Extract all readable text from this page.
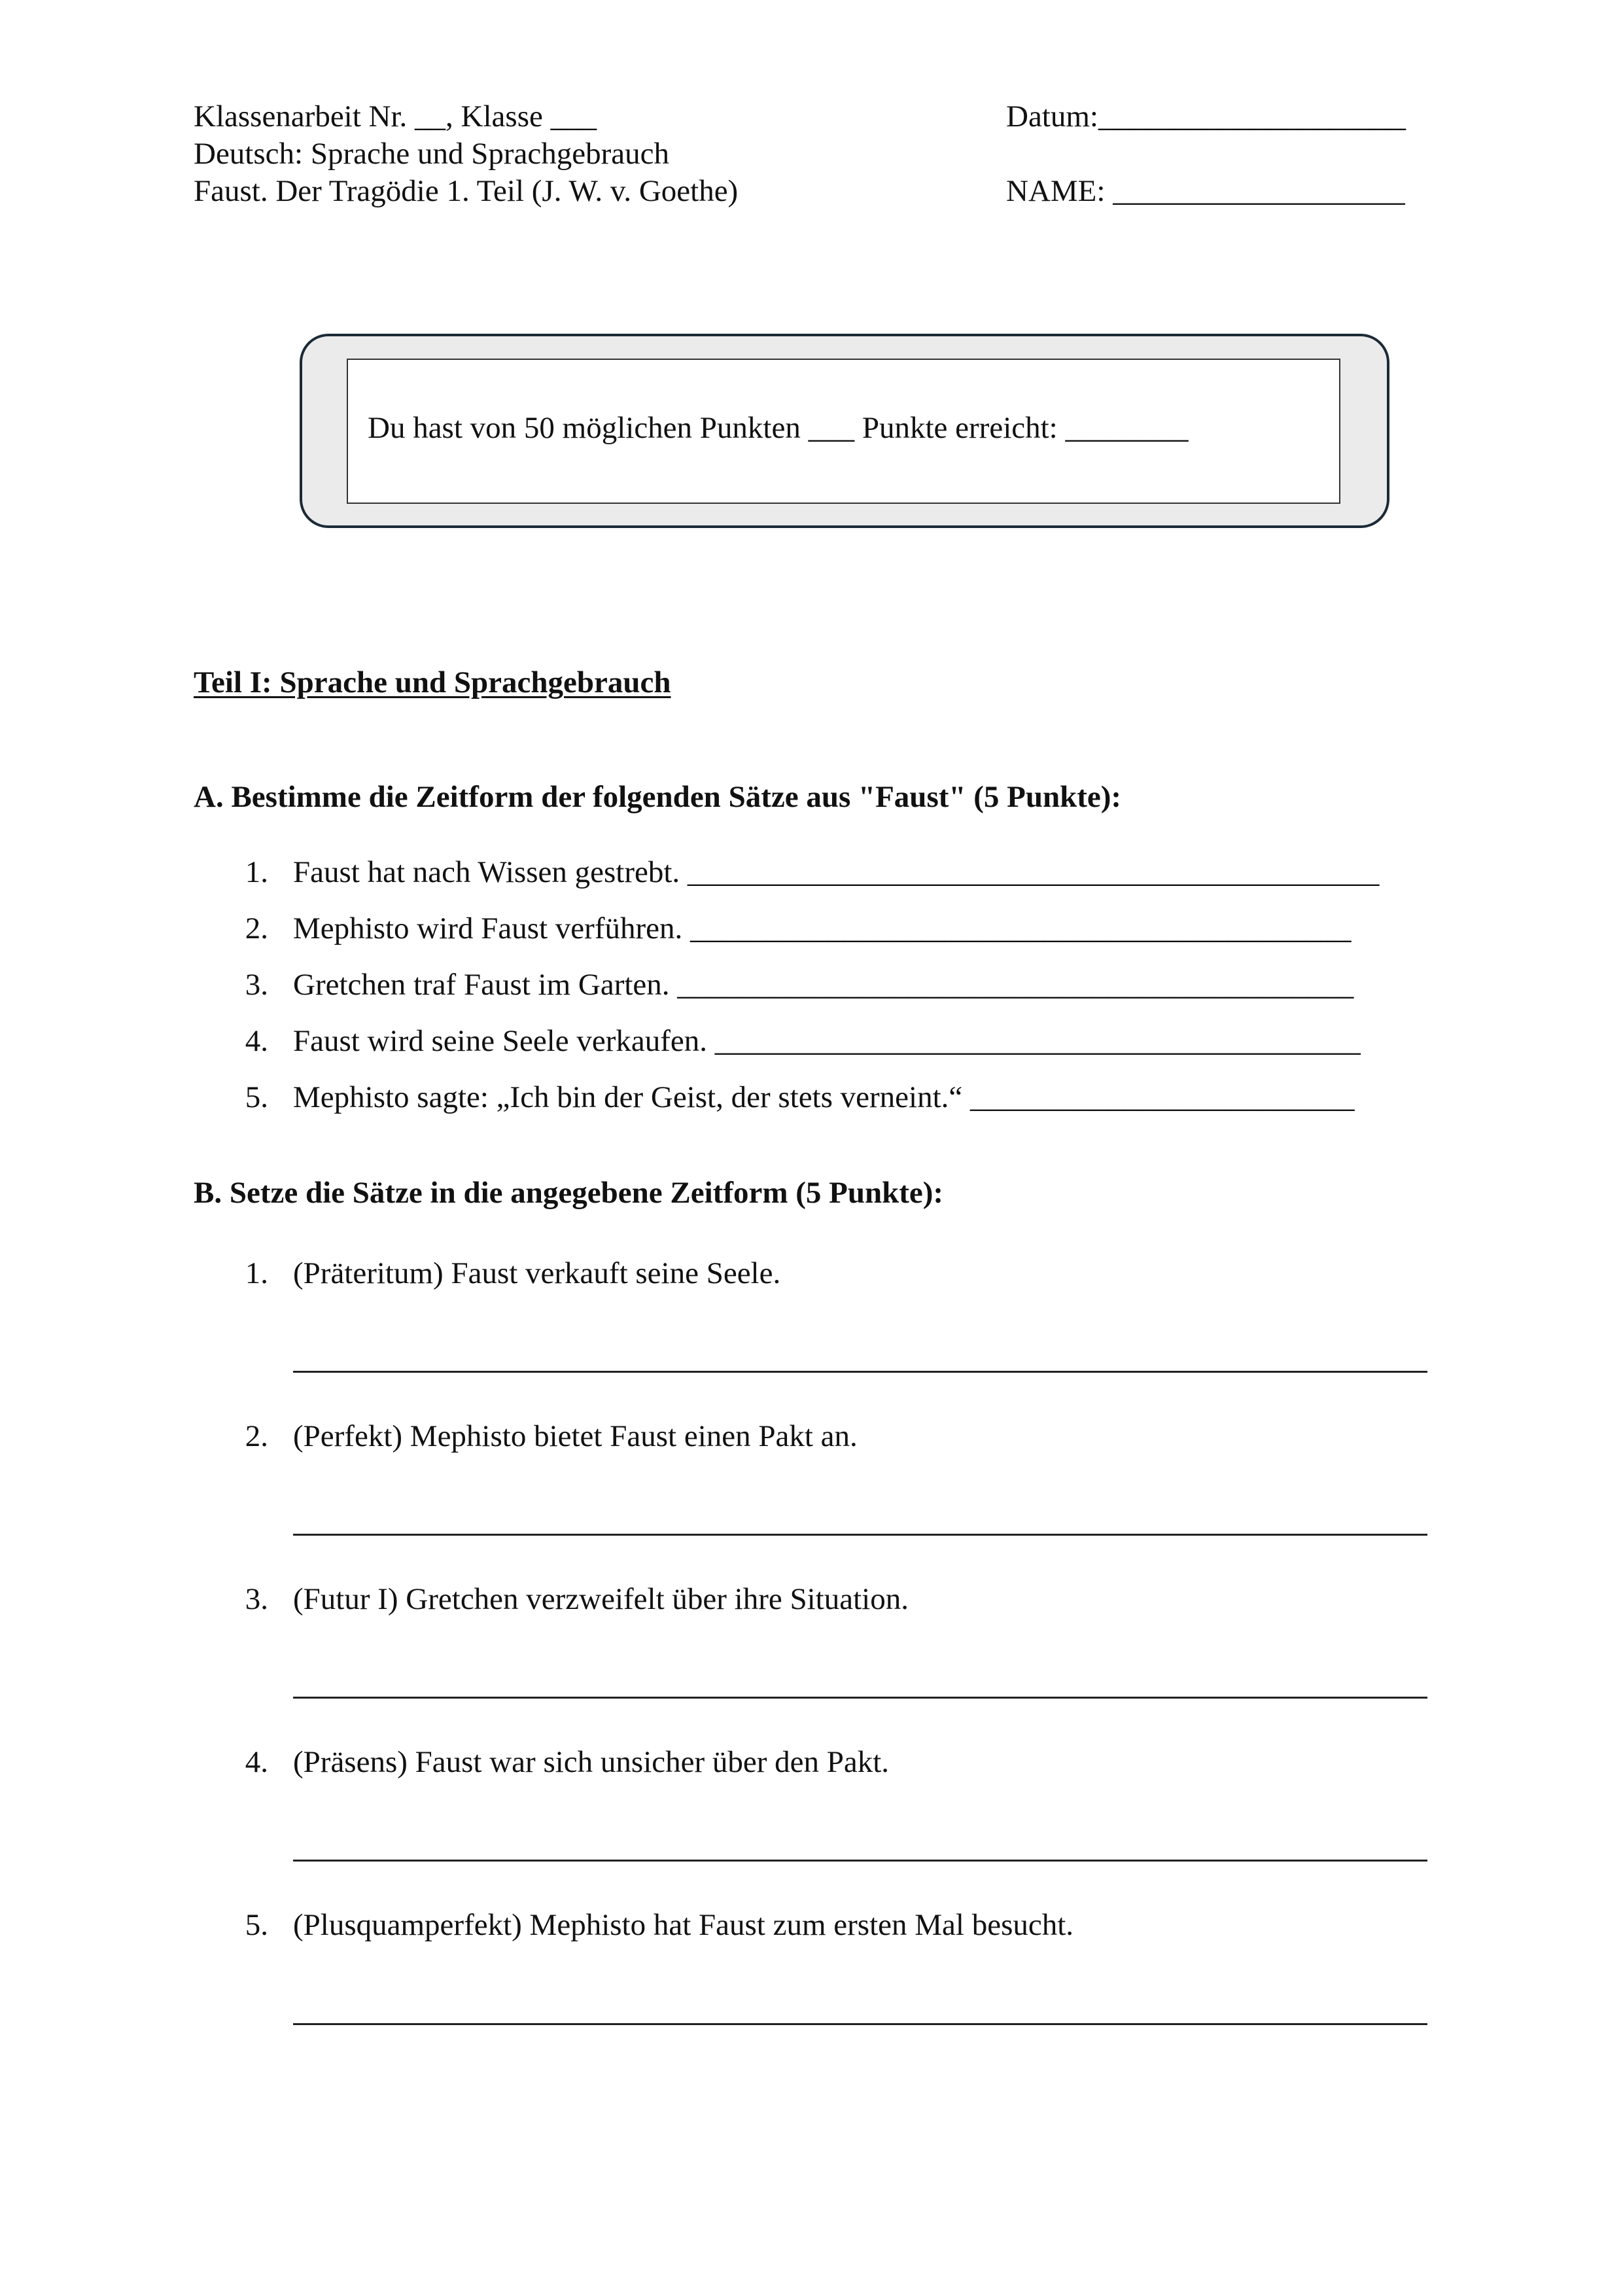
Klassenarbeit Nr. __, Klasse ___
Deutsch: Sprache und Sprachgebrauch
Faust. Der Tragödie 1. Teil (J. W. v. Goethe)
Datum:____________________
NAME: ___________________
Du hast von 50 möglichen Punkten ___ Punkte erreicht: ________
Teil I: Sprache und Sprachgebrauch
A. Bestimme die Zeitform der folgenden Sätze aus "Faust" (5 Punkte):
1. Faust hat nach Wissen gestrebt. _____________________________________________
2. Mephisto wird Faust verführen. ___________________________________________
3. Gretchen traf Faust im Garten. ____________________________________________
4. Faust wird seine Seele verkaufen. __________________________________________
5. Mephisto sagte: „Ich bin der Geist, der stets verneint.“ _________________________
B. Setze die Sätze in die angegebene Zeitform (5 Punkte):
1. (Präteritum) Faust verkauft seine Seele.
2. (Perfekt) Mephisto bietet Faust einen Pakt an.
3. (Futur I) Gretchen verzweifelt über ihre Situation.
4. (Präsens) Faust war sich unsicher über den Pakt.
5. (Plusquamperfekt) Mephisto hat Faust zum ersten Mal besucht.
